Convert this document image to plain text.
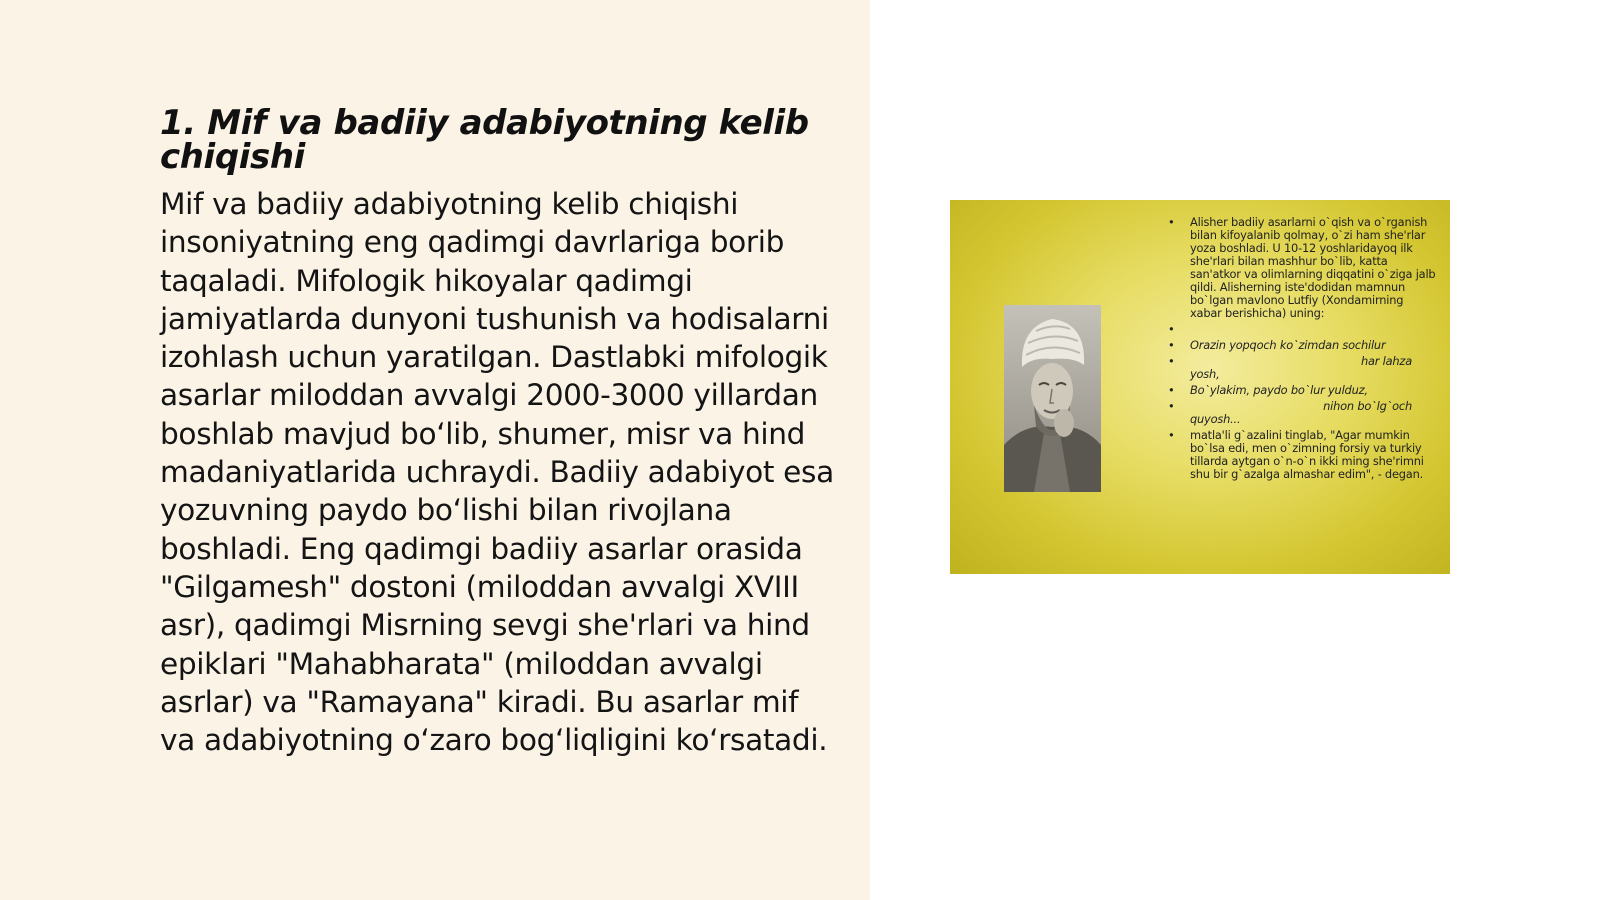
1. Mif va badiiy adabiyotning kelib chiqishi

Mif va badiiy adabiyotning kelib chiqishi insoniyatning eng qadimgi davrlariga borib taqaladi. Mifologik hikoyalar qadimgi jamiyatlarda dunyoni tushunish va hodisalarni izohlash uchun yaratilgan. Dastlabki mifologik asarlar miloddan avvalgi 2000-3000 yillardan boshlab mavjud bo‘lib, shumer, misr va hind madaniyatlarida uchraydi. Badiiy adabiyot esa yozuvning paydo bo‘lishi bilan rivojlana boshladi. Eng qadimgi badiiy asarlar orasida "Gilgamesh" dostoni (miloddan avvalgi XVIII asr), qadimgi Misrning sevgi she'rlari va hind epiklari "Mahabharata" (miloddan avvalgi asrlar) va "Ramayana" kiradi. Bu asarlar mif va adabiyotning o‘zaro bog‘liqligini ko‘rsatadi.

• Alisher badiiy asarlarni o`qish va o`rganish bilan kifoyalanib qolmay, o`zi ham she'rlar yoza boshladi. U 10-12 yoshlaridayoq ilk she'rlari bilan mashhur bo`lib, katta san'atkor va olimlarning diqqatini o`ziga jalb qildi. Alisherning iste'dodidan mamnun bo`lgan mavlono Lutfiy (Xondamirning xabar berishicha) uning:
•
• Orazin yopqoch ko`zimdan sochilur
• har lahza
yosh,
• Bo`ylakim, paydo bo`lur yulduz,
• nihon bo`lg`och
quyosh...
• matla'li g`azalini tinglab, "Agar mumkin bo`lsa edi, men o`zimning forsiy va turkiy tillarda aytgan o`n-o`n ikki ming she'rimni shu bir g`azalga almashar edim", - degan.
